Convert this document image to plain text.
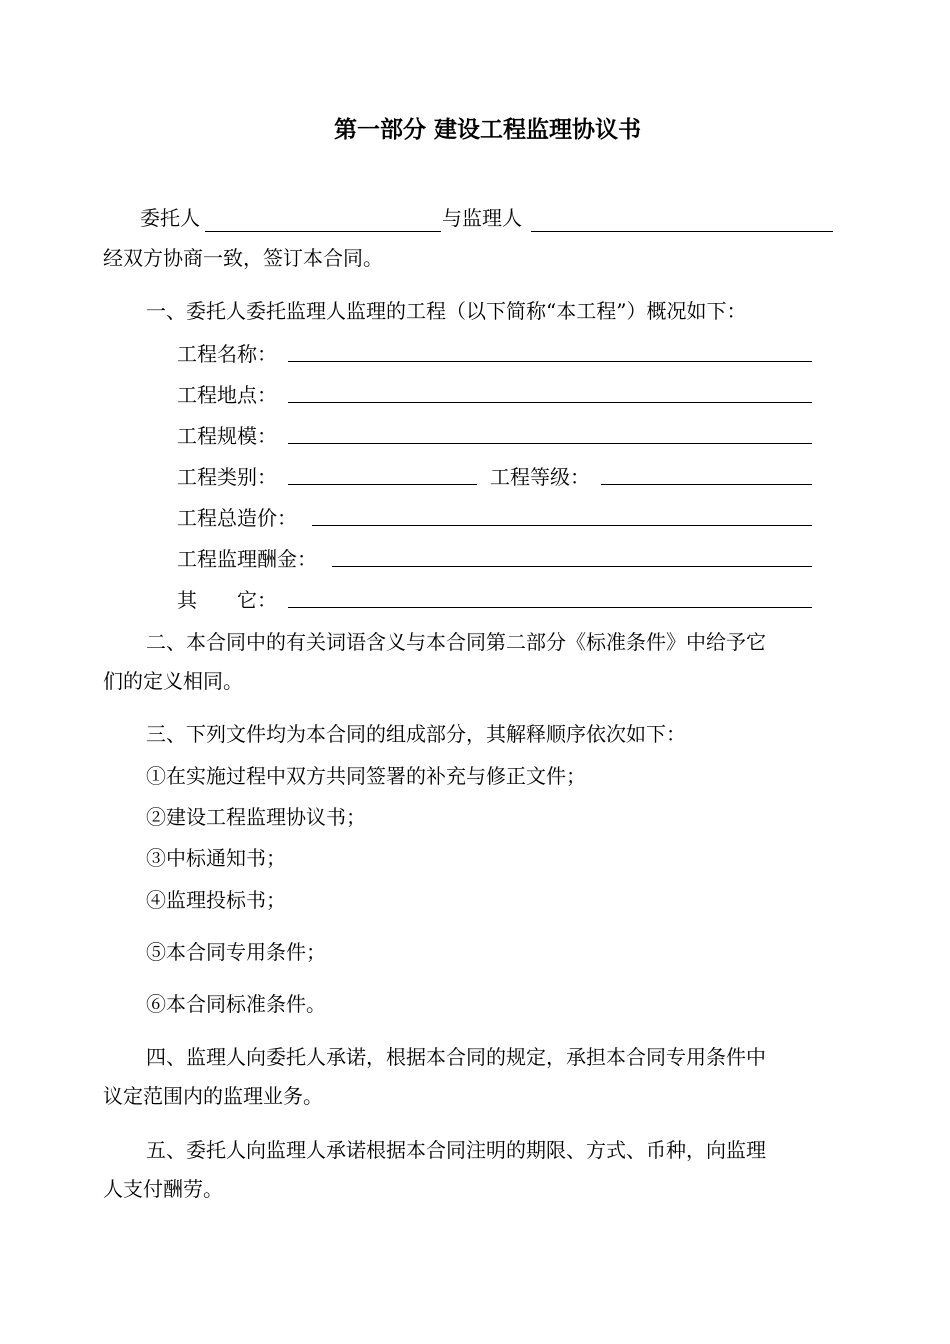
第一部分 建设工程监理协议书
委托人	与监理人
经双方协商一致，签订本合同。
一、委托人委托监理人监理的工程（以下简称“本工程”）概况如下：
工程名称：
工程地点：
工程规模：
工程类别：	工程等级：
工程总造价：
工程监理酬金：
其　　它：
二、本合同中的有关词语含义与本合同第二部分《标准条件》中给予它
们的定义相同。
三、下列文件均为本合同的组成部分，其解释顺序依次如下：
①在实施过程中双方共同签署的补充与修正文件；
②建设工程监理协议书；
③中标通知书；
④监理投标书；
⑤本合同专用条件；
⑥本合同标准条件。
四、监理人向委托人承诺，根据本合同的规定，承担本合同专用条件中
议定范围内的监理业务。
五、委托人向监理人承诺根据本合同注明的期限、方式、币种，向监理
人支付酬劳。
